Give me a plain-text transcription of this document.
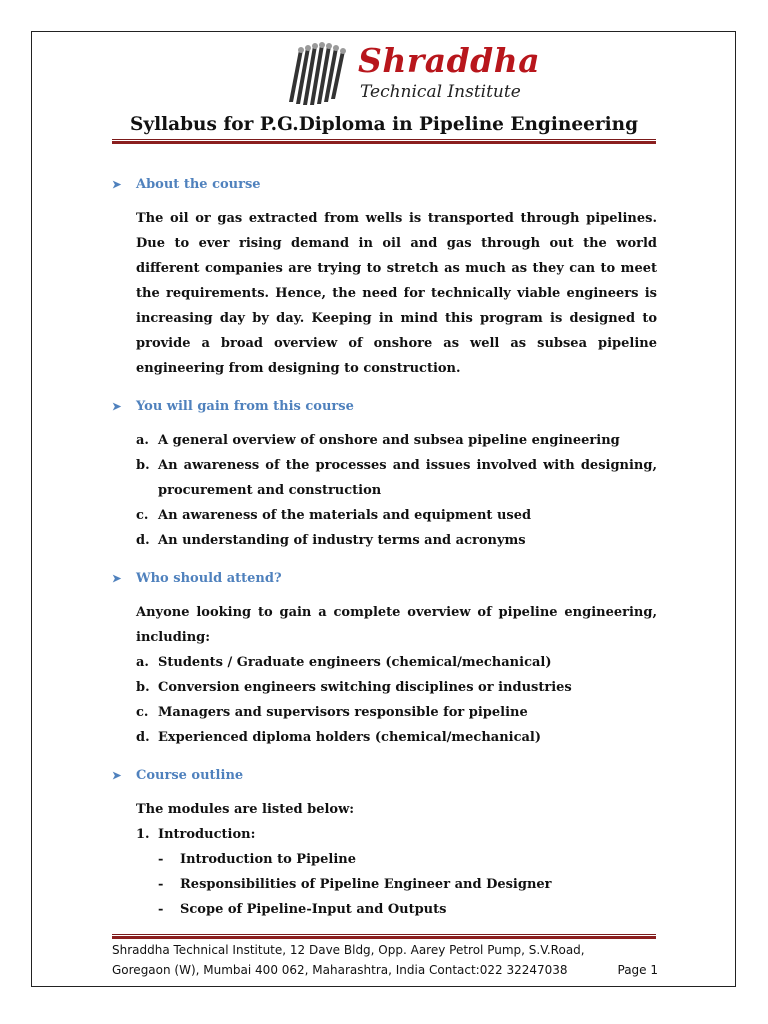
Shraddha
Technical Institute
Syllabus for P.G.Diploma in Pipeline Engineering
➤	About the course
The oil or gas extracted from wells is transported through pipelines. Due to ever rising demand in oil and gas through out the world different companies are trying to stretch as much as they can to meet the requirements. Hence, the need for technically viable engineers is increasing day by day. Keeping in mind this program is designed to provide a broad overview of onshore as well as subsea pipeline engineering from designing to construction.
➤	You will gain from this course
a. A general overview of onshore and subsea pipeline engineering
b. An awareness of the processes and issues involved with designing, procurement and construction
c. An awareness of the materials and equipment used
d. An understanding of industry terms and acronyms
➤	Who should attend?
Anyone looking to gain a complete overview of pipeline engineering, including:
a. Students / Graduate engineers (chemical/mechanical)
b. Conversion engineers switching disciplines or industries
c. Managers and supervisors responsible for pipeline
d. Experienced diploma holders (chemical/mechanical)
➤	Course outline
The modules are listed below:
1. Introduction:
-	Introduction to Pipeline
-	Responsibilities of Pipeline Engineer and Designer
-	Scope of Pipeline-Input and Outputs
Shraddha Technical Institute, 12 Dave Bldg, Opp. Aarey Petrol Pump, S.V.Road,
Goregaon (W), Mumbai 400 062, Maharashtra, India Contact:022 32247038	Page 1
